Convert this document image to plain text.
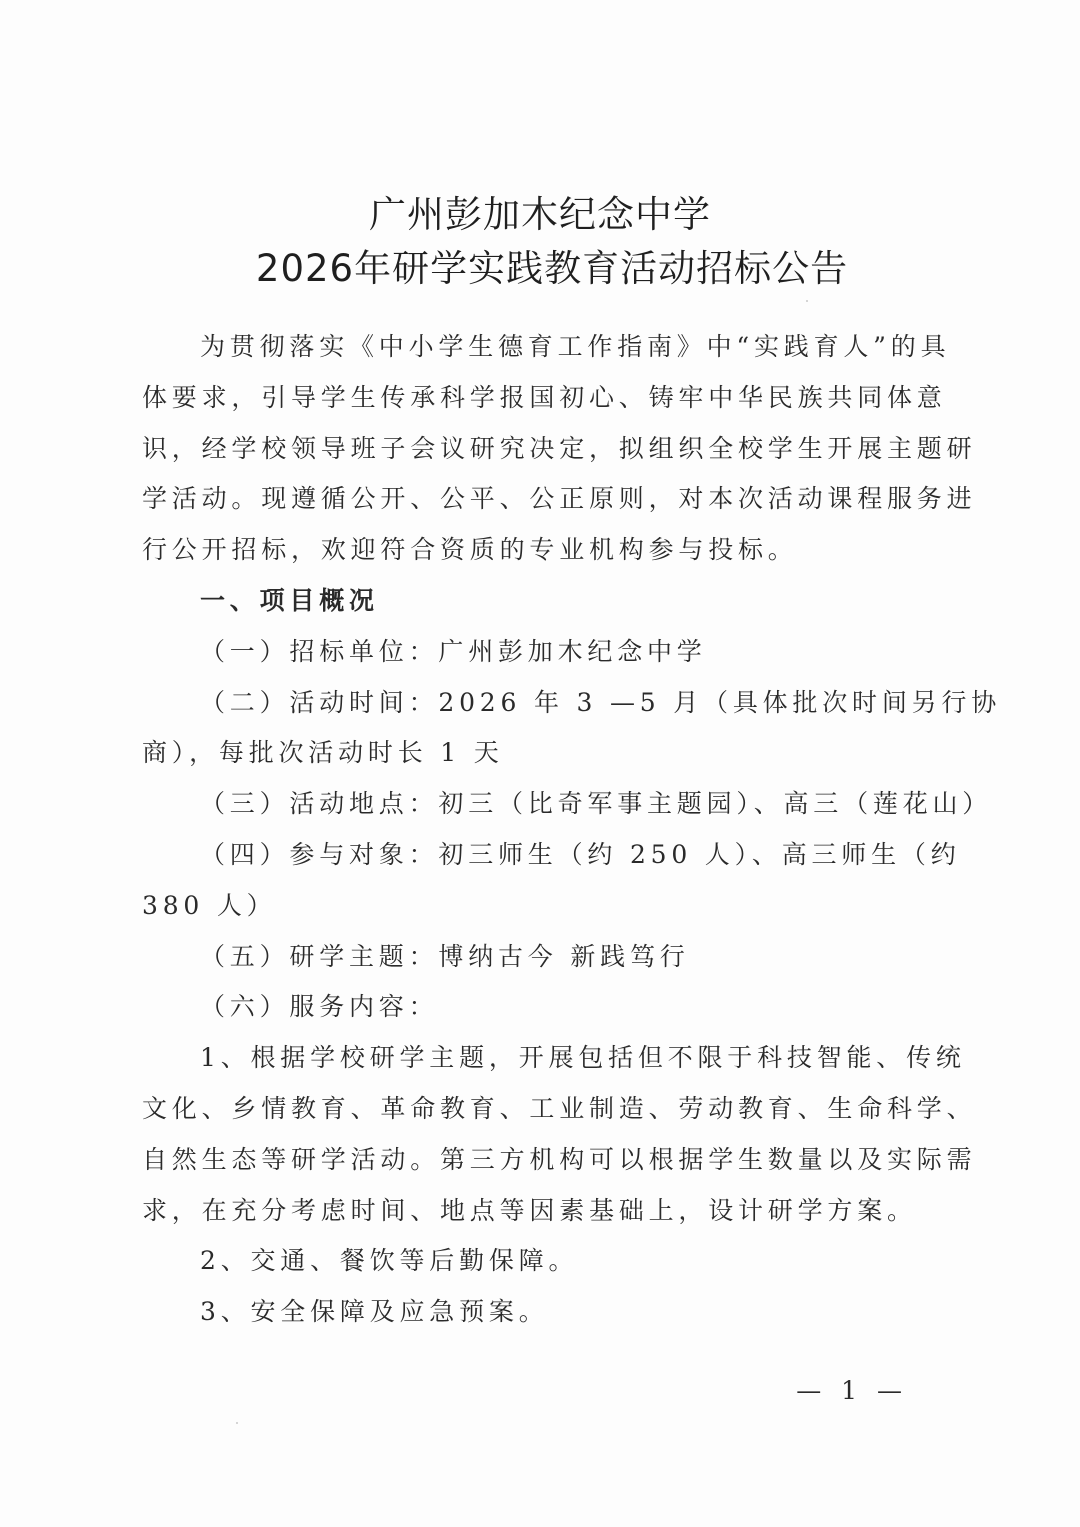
广州彭加木纪念中学
2026年研学实践教育活动招标公告
为贯彻落实《中小学生德育工作指南》中“实践育人”的具
体要求，引导学生传承科学报国初心、铸牢中华民族共同体意
识，经学校领导班子会议研究决定，拟组织全校学生开展主题研
学活动。现遵循公开、公平、公正原则，对本次活动课程服务进
行公开招标，欢迎符合资质的专业机构参与投标。
一、项目概况
（一）招标单位：广州彭加木纪念中学
（二）活动时间：2026 年 3 —5 月（具体批次时间另行协
商），每批次活动时长 1 天
（三）活动地点：初三（比奇军事主题园）、高三（莲花山）
（四）参与对象：初三师生（约 250 人）、高三师生（约
380 人）
（五）研学主题：博纳古今 新践笃行
（六）服务内容：
1、根据学校研学主题，开展包括但不限于科技智能、传统
文化、乡情教育、革命教育、工业制造、劳动教育、生命科学、
自然生态等研学活动。第三方机构可以根据学生数量以及实际需
求，在充分考虑时间、地点等因素基础上，设计研学方案。
2、交通、餐饮等后勤保障。
3、安全保障及应急预案。
— 1 —
